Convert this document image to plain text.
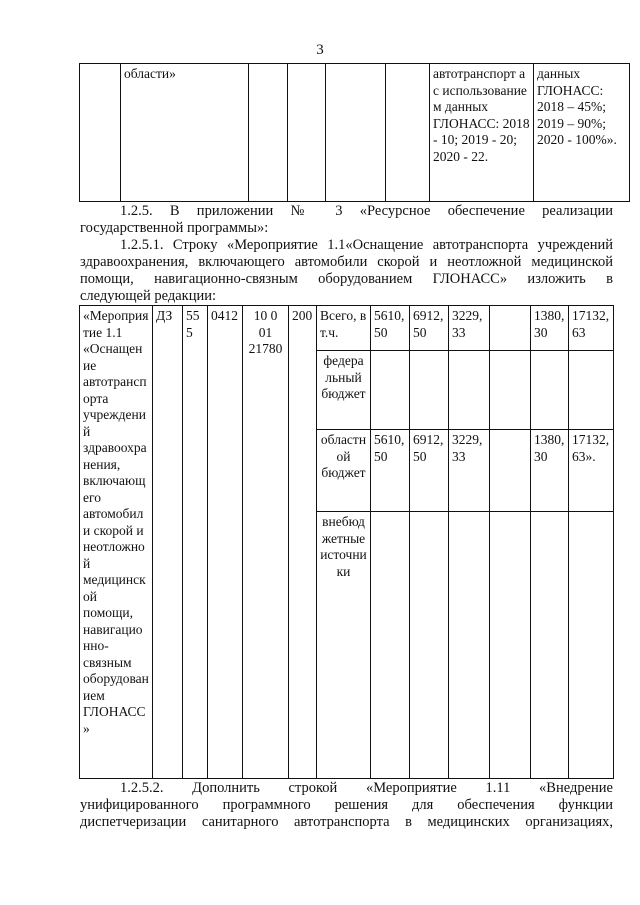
3
	области»					автотранспорт а с использование м данных ГЛОНАСС: 2018 - 10; 2019 - 20; 2020 - 22.	данных ГЛОНАСС: 2018 – 45%; 2019 – 90%; 2020 - 100%».

1.2.5. В приложении № 3 «Ресурсное обеспечение реализации

государственной программы»:

1.2.5.1. Строку «Мероприятие 1.1«Оснащение автотранспорта учреждений

здравоохранения, включающего автомобили скорой и неотложной медицинской

помощи, навигационно-связным оборудованием ГЛОНАСС» изложить в

следующей редакции:

«Мероприятие 1.1 «Оснащение автотранспорта учреждений здравоохранения, включающего автомобили скорой и неотложной медицинской помощи, навигационно-связным оборудованием ГЛОНАСС»	ДЗ	555	0412	10 0 01 21780	200	Всего, в т.ч.	5610,50	6912,50	3229,33		1380,30	17132,63
						федеральный бюджет						
						областной бюджет	5610,50	6912,50	3229,33		1380,30	17132,63».
						внебюджетные источники						

1.2.5.2. Дополнить строкой «Мероприятие 1.11 «Внедрение

унифицированного программного решения для обеспечения функции

диспетчеризации санитарного автотранспорта в медицинских организациях,
